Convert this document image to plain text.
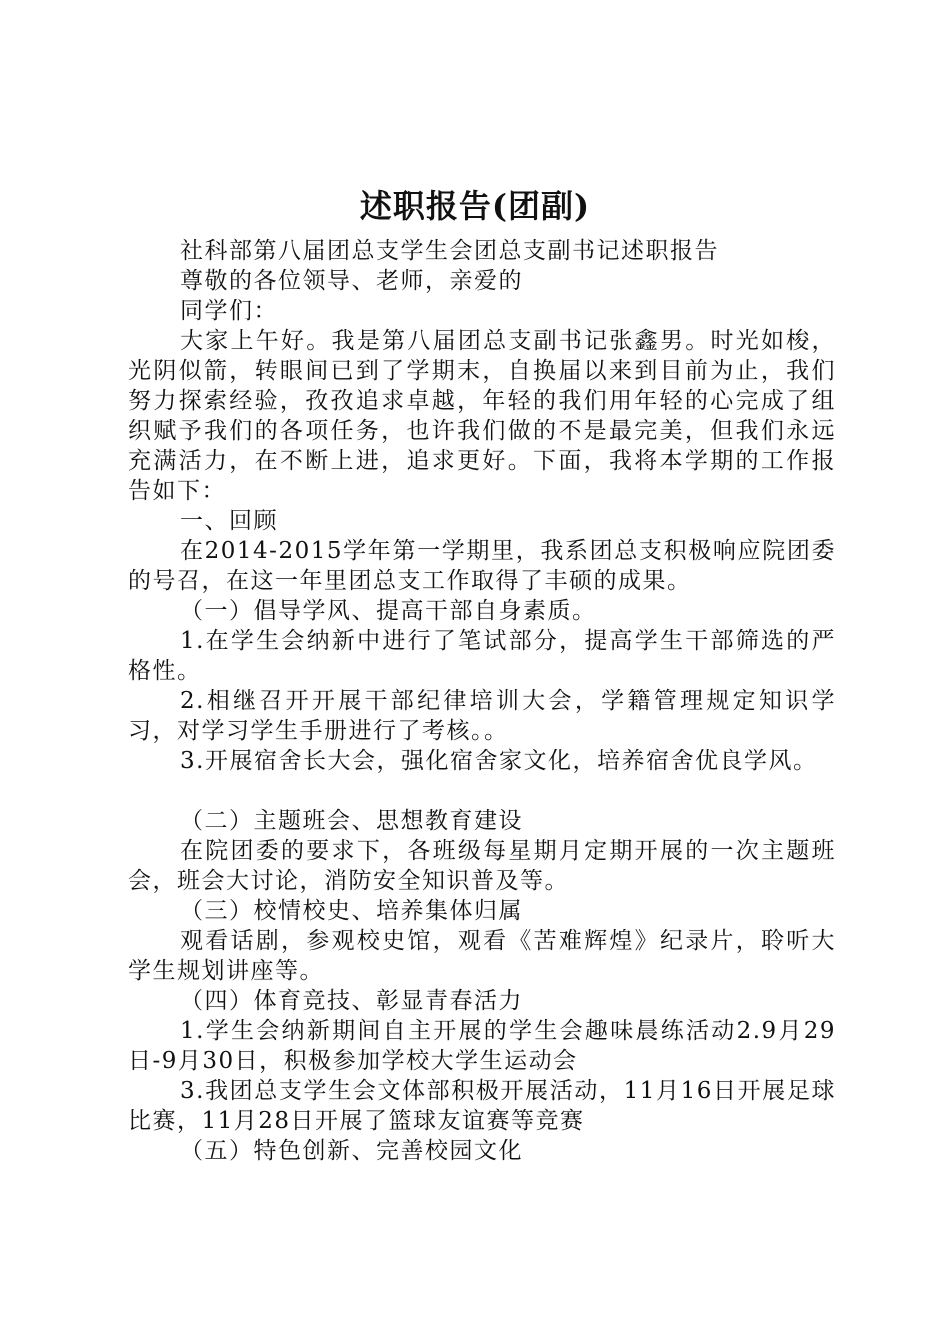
述职报告(团副)

社科部第八届团总支学生会团总支副书记述职报告

尊敬的各位领导、老师，亲爱的

同学们：

大家上午好。我是第八届团总支副书记张鑫男。时光如梭，光阴似箭，转眼间已到了学期末，自换届以来到目前为止，我们努力探索经验，孜孜追求卓越，年轻的我们用年轻的心完成了组织赋予我们的各项任务，也许我们做的不是最完美，但我们永远充满活力，在不断上进，追求更好。下面，我将本学期的工作报告如下：

一、回顾

在2014-2015学年第一学期里，我系团总支积极响应院团委的号召，在这一年里团总支工作取得了丰硕的成果。

（一）倡导学风、提高干部自身素质。

1.在学生会纳新中进行了笔试部分，提高学生干部筛选的严格性。

2.相继召开开展干部纪律培训大会，学籍管理规定知识学习，对学习学生手册进行了考核。。

3.开展宿舍长大会，强化宿舍家文化，培养宿舍优良学风。

（二）主题班会、思想教育建设

在院团委的要求下，各班级每星期月定期开展的一次主题班会，班会大讨论，消防安全知识普及等。

（三）校情校史、培养集体归属

观看话剧，参观校史馆，观看《苦难辉煌》纪录片，聆听大学生规划讲座等。

（四）体育竞技、彰显青春活力

1.学生会纳新期间自主开展的学生会趣味晨练活动2.9月29日-9月30日，积极参加学校大学生运动会

3.我团总支学生会文体部积极开展活动，11月16日开展足球比赛，11月28日开展了篮球友谊赛等竞赛

（五）特色创新、完善校园文化
